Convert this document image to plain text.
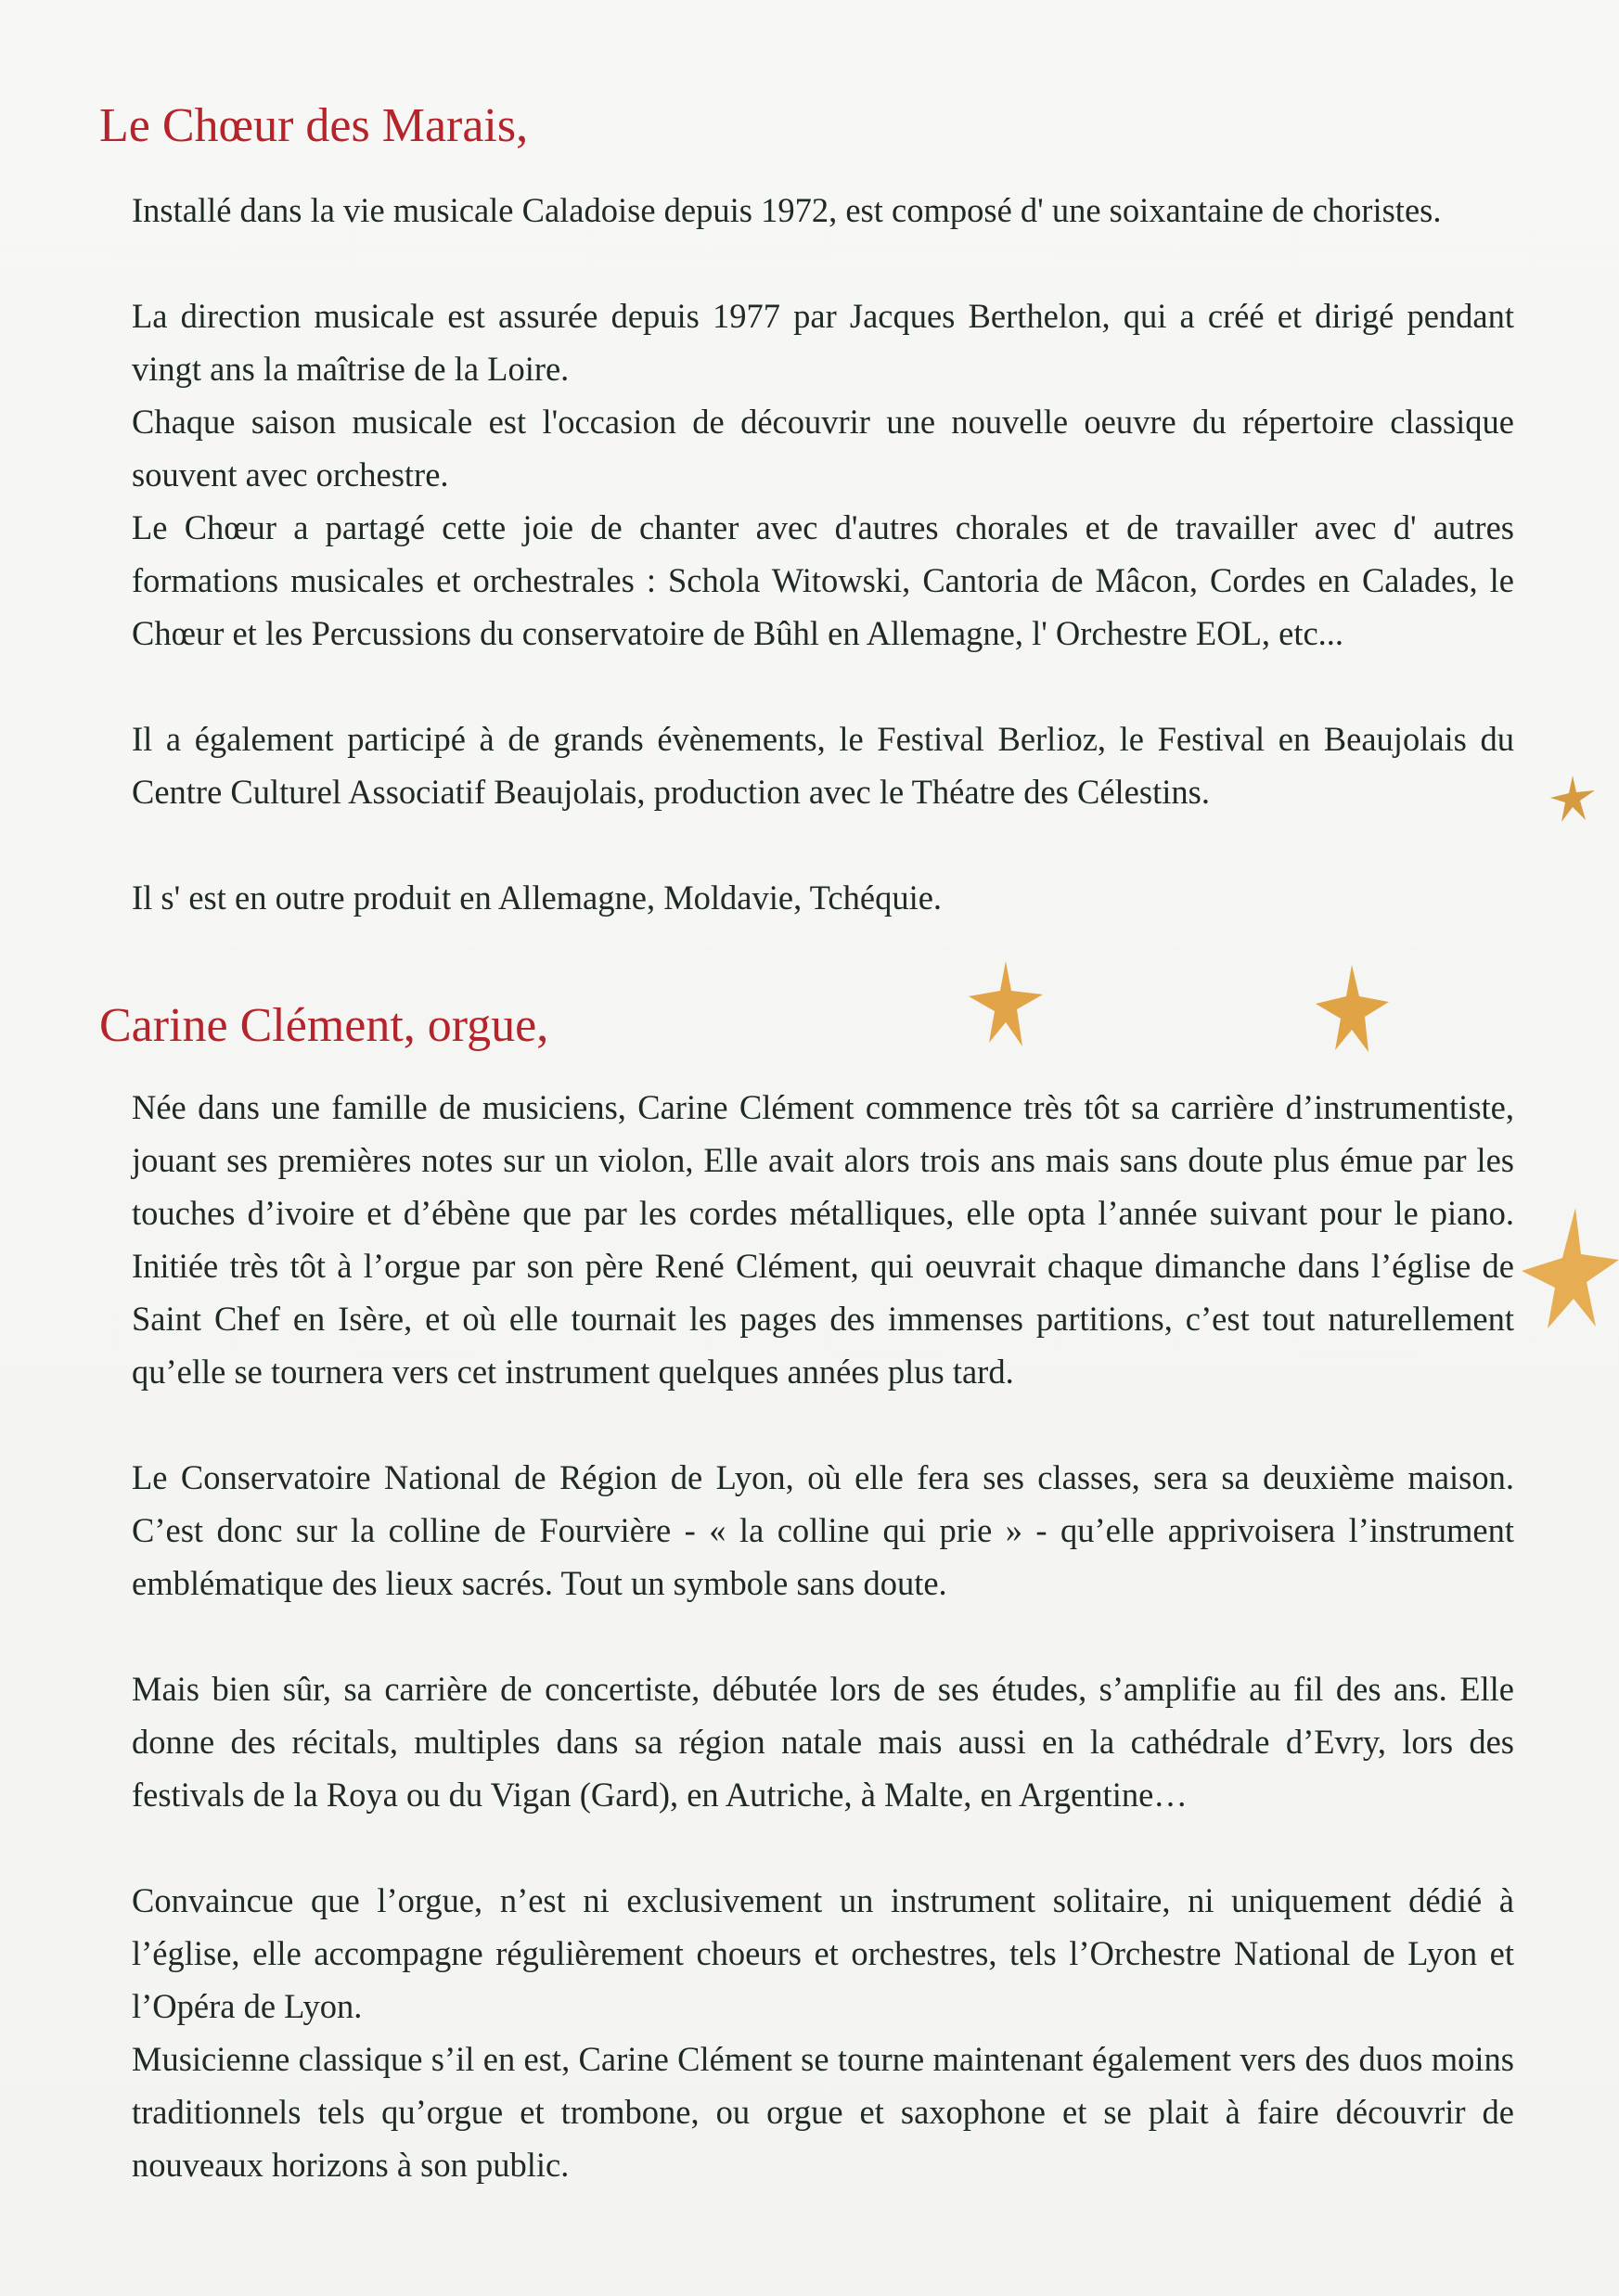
Le Chœur des Marais,

Installé dans la vie musicale Caladoise depuis 1972, est composé d' une soixantaine de choristes.

La direction musicale est assurée depuis 1977 par Jacques Berthelon, qui a créé et dirigé pendant vingt ans la maîtrise de la Loire.

Chaque saison musicale est l'occasion de découvrir une nouvelle oeuvre du répertoire classique souvent avec orchestre.

Le Chœur a partagé cette joie de chanter avec d'autres chorales et de travailler avec d' autres formations musicales et orchestrales : Schola Witowski, Cantoria de Mâcon, Cordes en Calades, le Chœur et les Percussions du conservatoire de Bûhl en Allemagne, l' Orchestre EOL, etc...

Il a également participé à de grands évènements, le Festival Berlioz, le Festival en Beaujolais du Centre Culturel Associatif Beaujolais, production avec le Théatre des Célestins.

Il s' est en outre produit en Allemagne, Moldavie, Tchéquie.

Carine Clément, orgue,

Née dans une famille de musiciens, Carine Clément commence très tôt sa carrière d’instrumentiste, jouant ses premières notes sur un violon, Elle avait alors trois ans mais sans doute plus émue par les touches d’ivoire et d’ébène que par les cordes métalliques, elle opta l’année suivant pour le piano. Initiée très tôt à l’orgue par son père René Clément, qui oeuvrait chaque dimanche dans l’église de Saint Chef en Isère, et où elle tournait les pages des immenses partitions, c’est tout naturellement qu’elle se tournera vers cet instrument quelques années plus tard.

Le Conservatoire National de Région de Lyon, où elle fera ses classes, sera sa deuxième maison. C’est donc sur la colline de Fourvière - « la colline qui prie » - qu’elle apprivoisera l’instrument emblématique des lieux sacrés. Tout un symbole sans doute.

Mais bien sûr, sa carrière de concertiste, débutée lors de ses études, s’amplifie au fil des ans. Elle donne des récitals, multiples dans sa région natale mais aussi en la cathédrale d’Evry, lors des festivals de la Roya ou du Vigan (Gard), en Autriche, à Malte, en Argentine…

Convaincue que l’orgue, n’est ni exclusivement un instrument solitaire, ni uniquement dédié à l’église, elle accompagne régulièrement choeurs et orchestres, tels l’Orchestre National de Lyon et l’Opéra de Lyon.

Musicienne classique s’il en est, Carine Clément se tourne maintenant également vers des duos moins traditionnels tels qu’orgue et trombone, ou orgue et saxophone et se plait à faire découvrir de nouveaux horizons à son public.
